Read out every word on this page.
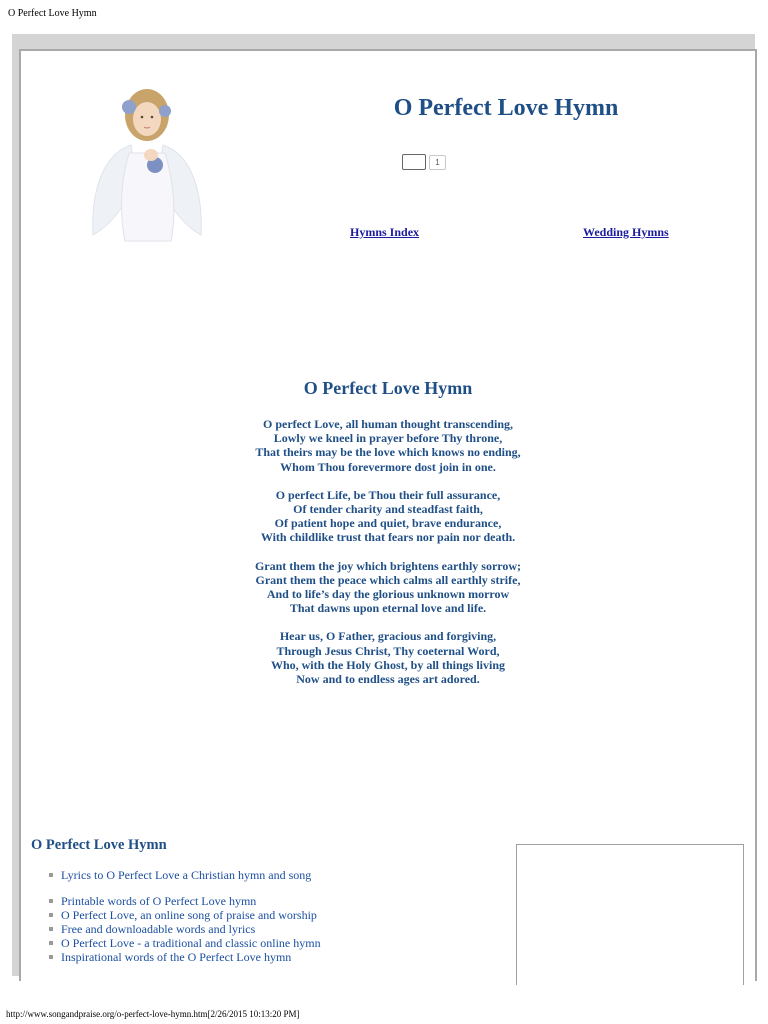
O Perfect Love Hymn
O Perfect Love Hymn
1
Hymns Index	Wedding Hymns
O Perfect Love Hymn
O perfect Love, all human thought transcending,
Lowly we kneel in prayer before Thy throne,
That theirs may be the love which knows no ending,
Whom Thou forevermore dost join in one.
O perfect Life, be Thou their full assurance,
Of tender charity and steadfast faith,
Of patient hope and quiet, brave endurance,
With childlike trust that fears nor pain nor death.
Grant them the joy which brightens earthly sorrow;
Grant them the peace which calms all earthly strife,
And to life’s day the glorious unknown morrow
That dawns upon eternal love and life.
Hear us, O Father, gracious and forgiving,
Through Jesus Christ, Thy coeternal Word,
Who, with the Holy Ghost, by all things living
Now and to endless ages art adored.
O Perfect Love Hymn
Lyrics to O Perfect Love a Christian hymn and song
Printable words of O Perfect Love hymn
O Perfect Love, an online song of praise and worship
Free and downloadable words and lyrics
O Perfect Love - a traditional and classic online hymn
Inspirational words of the O Perfect Love hymn
http://www.songandpraise.org/o-perfect-love-hymn.htm[2/26/2015 10:13:20 PM]
